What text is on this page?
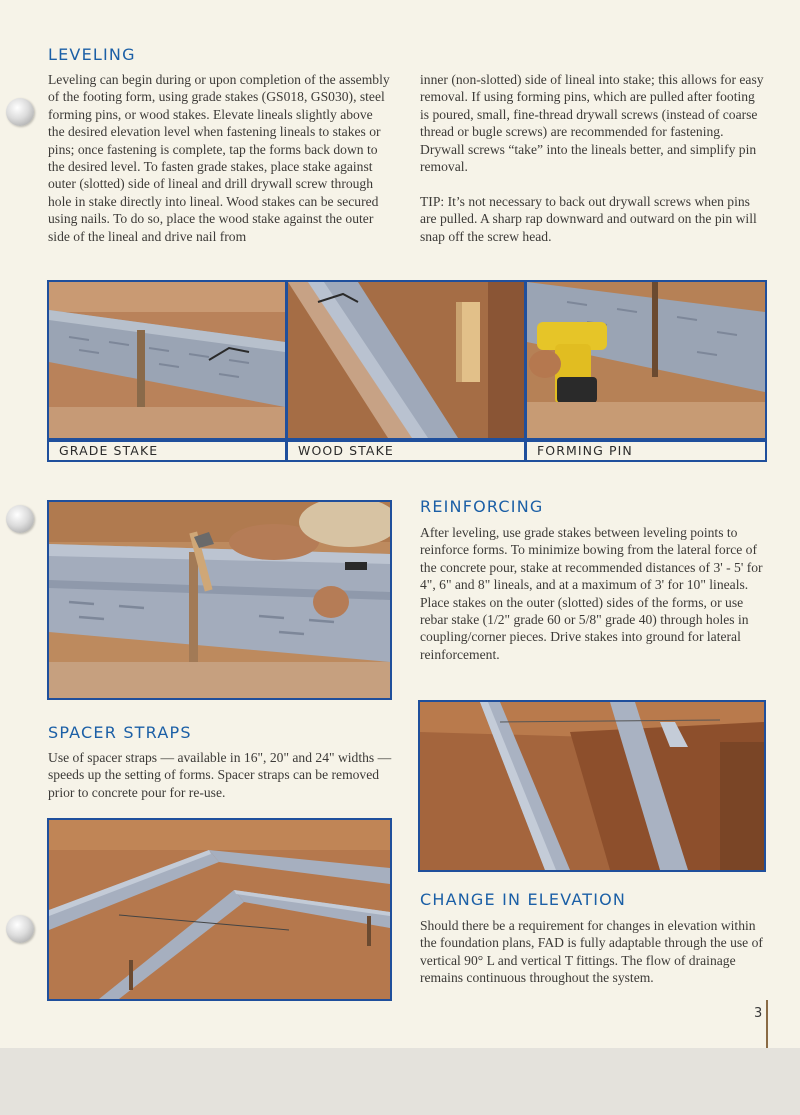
LEVELING

Leveling can begin during or upon completion of the assembly of the footing form, using grade stakes (GS018, GS030), steel forming pins, or wood stakes. Elevate lineals slightly above the desired elevation level when fastening lineals to stakes or pins; once fastening is complete, tap the forms back down to the desired level. To fasten grade stakes, place stake against outer (slotted) side of lineal and drill drywall screw through hole in stake directly into lineal. Wood stakes can be secured using nails. To do so, place the wood stake against the outer side of the lineal and drive nail from

inner (non-slotted) side of lineal into stake; this allows for easy removal. If using forming pins, which are pulled after footing is poured, small, fine-thread drywall screws (instead of coarse thread or bugle screws) are recommended for fastening. Drywall screws “take” into the lineals better, and simplify pin removal.

TIP: It’s not necessary to back out drywall screws when pins are pulled. A sharp rap downward and outward on the pin will snap off the screw head.

GRADE STAKE	WOOD STAKE	FORMING PIN
REINFORCING

After leveling, use grade stakes between leveling points to reinforce forms. To minimize bowing from the lateral force of the concrete pour, stake at recommended distances of 3' - 5' for 4", 6" and 8" lineals, and at a maximum of 3' for 10" lineals. Place stakes on the outer (slotted) sides of the forms, or use rebar stake (1/2" grade 60 or 5/8" grade 40) through holes in coupling/corner pieces. Drive stakes into ground for lateral reinforcement.

SPACER STRAPS

Use of spacer straps — available in 16", 20" and 24" widths — speeds up the setting of forms. Spacer straps can be removed prior to concrete pour for re-use.

CHANGE IN ELEVATION

Should there be a requirement for changes in elevation within the foundation plans, FAD is fully adaptable through the use of vertical 90° L and vertical T fittings. The flow of drainage remains continuous throughout the system.

3
